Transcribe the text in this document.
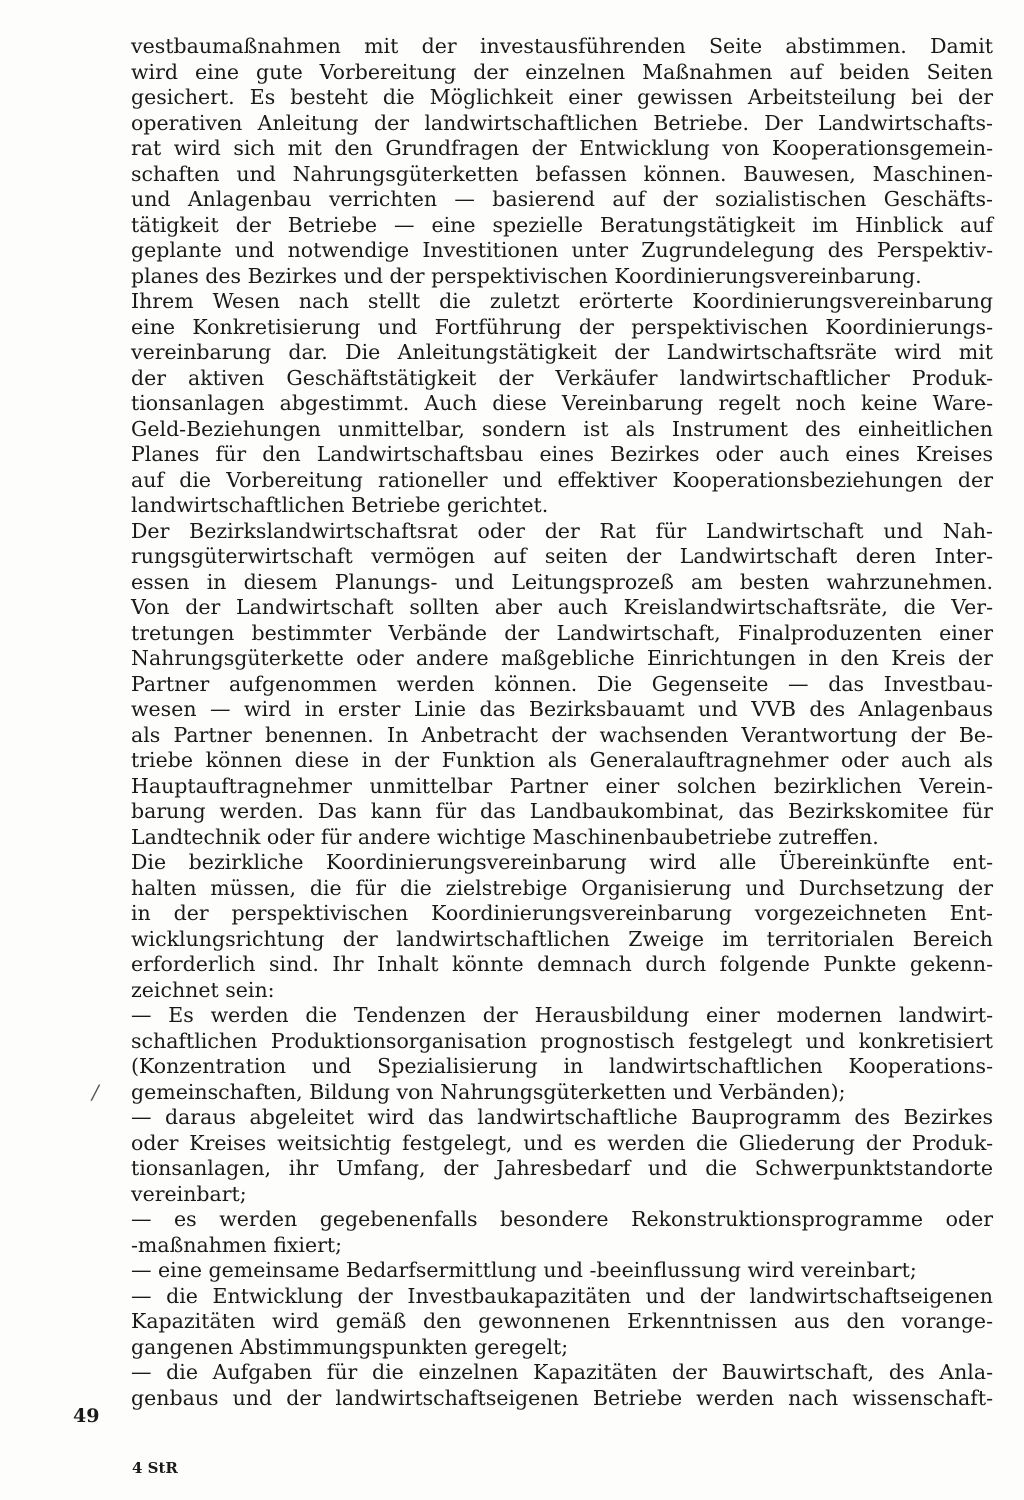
vestbaumaßnahmen mit der investausführenden Seite abstimmen. Damit
wird eine gute Vorbereitung der einzelnen Maßnahmen auf beiden Seiten
gesichert. Es besteht die Möglichkeit einer gewissen Arbeitsteilung bei der
operativen Anleitung der landwirtschaftlichen Betriebe. Der Landwirtschafts-
rat wird sich mit den Grundfragen der Entwicklung von Kooperationsgemein-
schaften und Nahrungsgüterketten befassen können. Bauwesen, Maschinen-
und Anlagenbau verrichten — basierend auf der sozialistischen Geschäfts-
tätigkeit der Betriebe — eine spezielle Beratungstätigkeit im Hinblick auf
geplante und notwendige Investitionen unter Zugrundelegung des Perspektiv-
planes des Bezirkes und der perspektivischen Koordinierungsvereinbarung.
Ihrem Wesen nach stellt die zuletzt erörterte Koordinierungsvereinbarung
eine Konkretisierung und Fortführung der perspektivischen Koordinierungs-
vereinbarung dar. Die Anleitungstätigkeit der Landwirtschaftsräte wird mit
der aktiven Geschäftstätigkeit der Verkäufer landwirtschaftlicher Produk-
tionsanlagen abgestimmt. Auch diese Vereinbarung regelt noch keine Ware-
Geld-Beziehungen unmittelbar, sondern ist als Instrument des einheitlichen
Planes für den Landwirtschaftsbau eines Bezirkes oder auch eines Kreises
auf die Vorbereitung rationeller und effektiver Kooperationsbeziehungen der
landwirtschaftlichen Betriebe gerichtet.
Der Bezirkslandwirtschaftsrat oder der Rat für Landwirtschaft und Nah-
rungsgüterwirtschaft vermögen auf seiten der Landwirtschaft deren Inter-
essen in diesem Planungs- und Leitungsprozeß am besten wahrzunehmen.
Von der Landwirtschaft sollten aber auch Kreislandwirtschaftsräte, die Ver-
tretungen bestimmter Verbände der Landwirtschaft, Finalproduzenten einer
Nahrungsgüterkette oder andere maßgebliche Einrichtungen in den Kreis der
Partner aufgenommen werden können. Die Gegenseite — das Investbau-
wesen — wird in erster Linie das Bezirksbauamt und VVB des Anlagenbaus
als Partner benennen. In Anbetracht der wachsenden Verantwortung der Be-
triebe können diese in der Funktion als Generalauftragnehmer oder auch als
Hauptauftragnehmer unmittelbar Partner einer solchen bezirklichen Verein-
barung werden. Das kann für das Landbaukombinat, das Bezirkskomitee für
Landtechnik oder für andere wichtige Maschinenbaubetriebe zutreffen.
Die bezirkliche Koordinierungsvereinbarung wird alle Übereinkünfte ent-
halten müssen, die für die zielstrebige Organisierung und Durchsetzung der
in der perspektivischen Koordinierungsvereinbarung vorgezeichneten Ent-
wicklungsrichtung der landwirtschaftlichen Zweige im territorialen Bereich
erforderlich sind. Ihr Inhalt könnte demnach durch folgende Punkte gekenn-
zeichnet sein:
— Es werden die Tendenzen der Herausbildung einer modernen landwirt-
schaftlichen Produktionsorganisation prognostisch festgelegt und konkretisiert
(Konzentration und Spezialisierung in landwirtschaftlichen Kooperations-
gemeinschaften, Bildung von Nahrungsgüterketten und Verbänden);
— daraus abgeleitet wird das landwirtschaftliche Bauprogramm des Bezirkes
oder Kreises weitsichtig festgelegt, und es werden die Gliederung der Produk-
tionsanlagen, ihr Umfang, der Jahresbedarf und die Schwerpunktstandorte
vereinbart;
— es werden gegebenenfalls besondere Rekonstruktionsprogramme oder
-maßnahmen fixiert;
— eine gemeinsame Bedarfsermittlung und -beeinflussung wird vereinbart;
— die Entwicklung der Investbaukapazitäten und der landwirtschaftseigenen
Kapazitäten wird gemäß den gewonnenen Erkenntnissen aus den vorange-
gangenen Abstimmungspunkten geregelt;
— die Aufgaben für die einzelnen Kapazitäten der Bauwirtschaft, des Anla-
genbaus und der landwirtschaftseigenen Betriebe werden nach wissenschaft-
49
/
4 StR
